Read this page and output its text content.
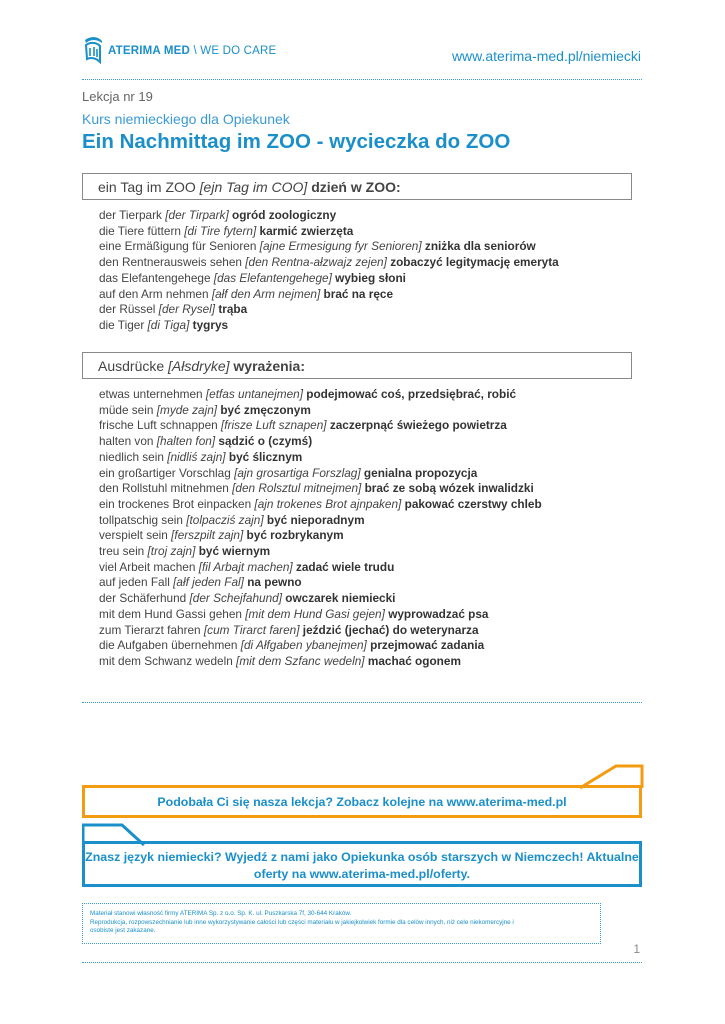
ATERIMA MED \ WE DO CARE	www.aterima-med.pl/niemiecki
Lekcja nr 19
Kurs niemieckiego dla Opiekunek
Ein Nachmittag im ZOO - wycieczka do ZOO
ein Tag im ZOO [ejn Tag im COO] dzień w ZOO:
der Tierpark [der Tirpark] ogród zoologiczny
die Tiere füttern [di Tire fytern] karmić zwierzęta
eine Ermäßigung für Senioren [ajne Ermesigung fyr Senioren] zniżka dla seniorów
den Rentnerausweis sehen [den Rentna-ałzwajz zejen] zobaczyć legitymację emeryta
das Elefantengehege [das Elefantengehege] wybieg słoni
auf den Arm nehmen [ałf den Arm nejmen] brać na ręce
der Rüssel [der Rysel] trąba
die Tiger [di Tiga] tygrys
Ausdrücke [Ałsdryke] wyrażenia:
etwas unternehmen [etfas untanejmen] podejmować coś, przedsiębrać, robić
müde sein [myde zajn] być zmęczonym
frische Luft schnappen [frisze Luft sznapen] zaczerpnąć świeżego powietrza
halten von [halten fon] sądzić o (czymś)
niedlich sein [nidliś zajn] być ślicznym
ein großartiger Vorschlag [ajn grosartiga Forszlag] genialna propozycja
den Rollstuhl mitnehmen [den Rolsztul mitnejmen] brać ze sobą wózek inwalidzki
ein trockenes Brot einpacken [ajn trokenes Brot ajnpaken] pakować czerstwy chleb
tollpatschig sein [tolpacziś zajn] być nieporadnym
verspielt sein [ferszpilt zajn] być rozbrykanym
treu sein [troj zajn] być wiernym
viel Arbeit machen [fil Arbajt machen] zadać wiele trudu
auf jeden Fall [ałf jeden Fal] na pewno
der Schäferhund [der Schejfahund] owczarek niemiecki
mit dem Hund Gassi gehen [mit dem Hund Gasi gejen] wyprowadzać psa
zum Tierarzt fahren [cum Tirarct faren] jeździć (jechać) do weterynarza
die Aufgaben übernehmen [di Ałfgaben ybanejmen] przejmować zadania
mit dem Schwanz wedeln [mit dem Szfanc wedeln] machać ogonem
Podobała Ci się nasza lekcja? Zobacz kolejne na www.aterima-med.pl
Znasz język niemiecki? Wyjedź z nami jako Opiekunka osób starszych w Niemczech! Aktualne
oferty na www.aterima-med.pl/oferty.
Materiał stanowi własność firmy ATERIMA Sp. z o.o. Sp. K. ul. Puszkarska 7f, 30-644 Kraków.
Reprodukcja, rozpowszechnianie lub inne wykorzystywanie całości lub części materiału w jakiejkolwiek formie dla celów innych, niż cele niekomercyjne i
osobiste jest zakazane.
1
